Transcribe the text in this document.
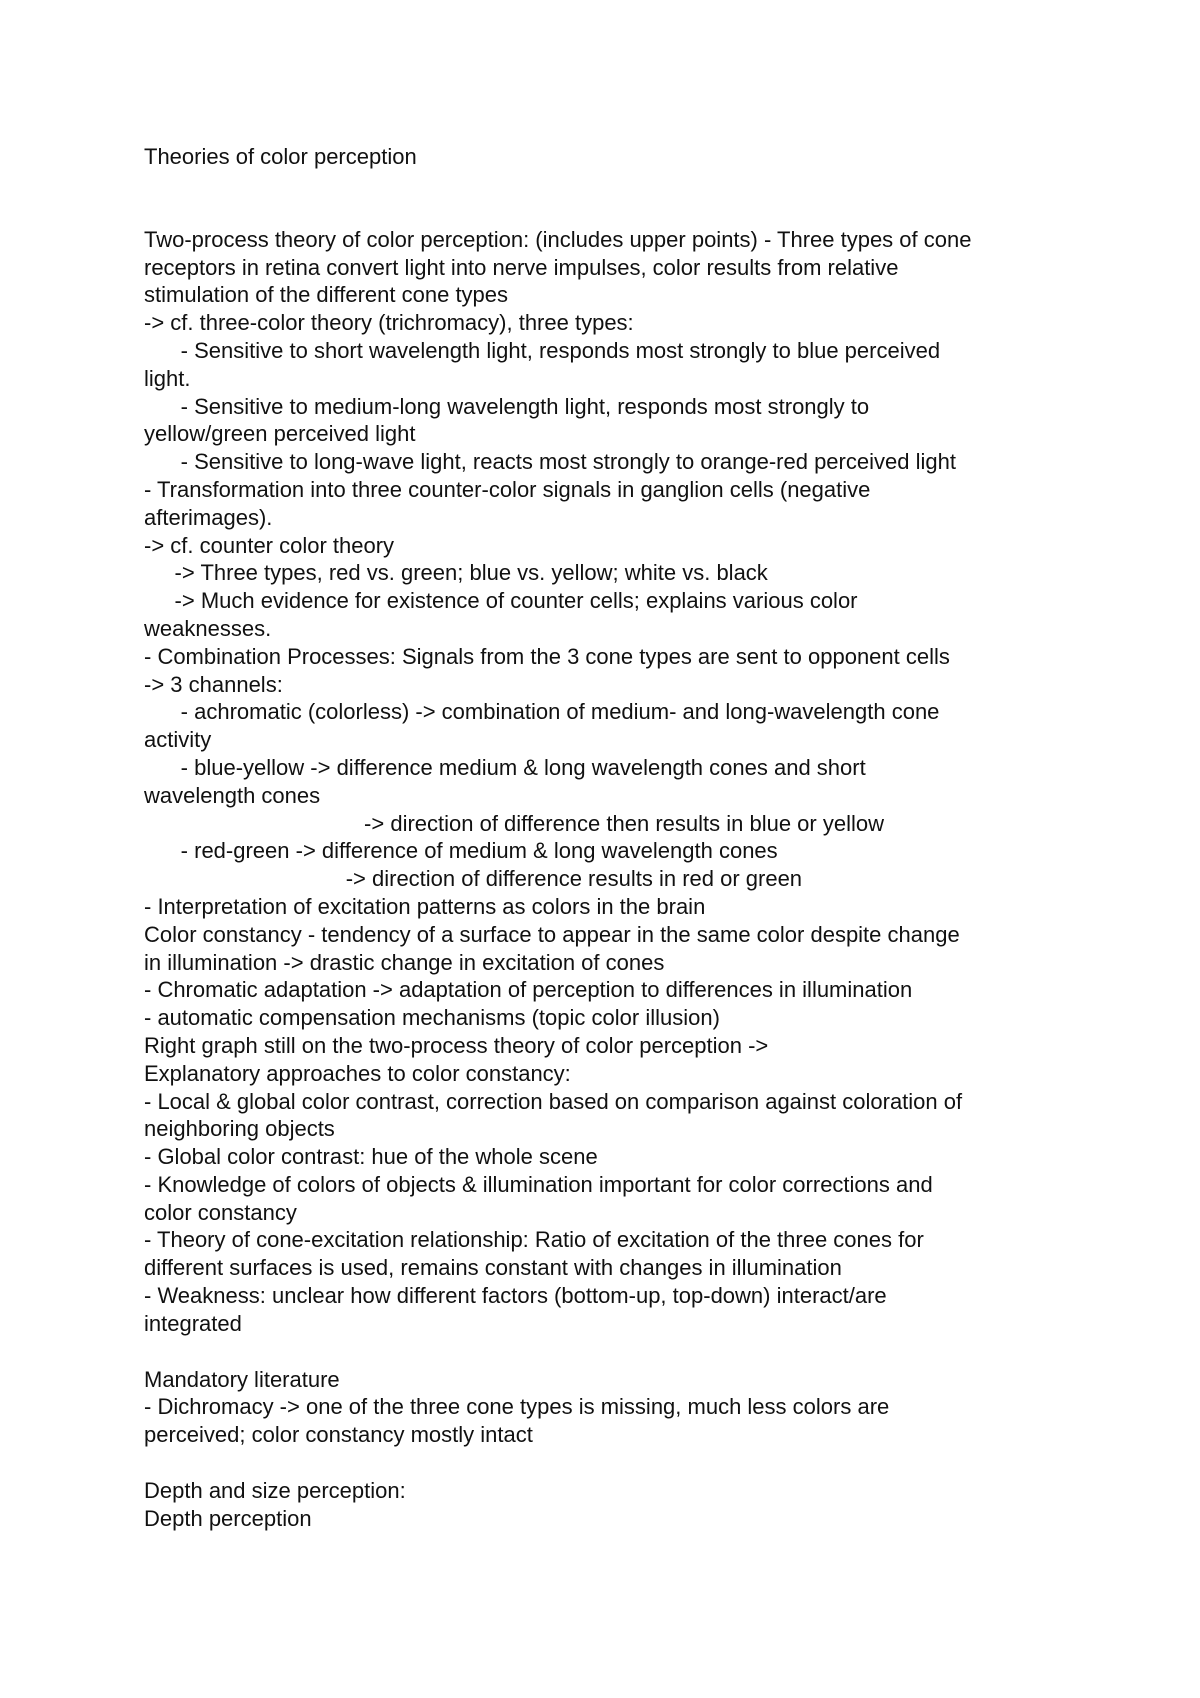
Theories of color perception
Two-process theory of color perception: (includes upper points) - Three types of cone
receptors in retina convert light into nerve impulses, color results from relative
stimulation of the different cone types
-> cf. three-color theory (trichromacy), three types:
- Sensitive to short wavelength light, responds most strongly to blue perceived
light.
- Sensitive to medium-long wavelength light, responds most strongly to
yellow/green perceived light
- Sensitive to long-wave light, reacts most strongly to orange-red perceived light
- Transformation into three counter-color signals in ganglion cells (negative
afterimages).
-> cf. counter color theory
-> Three types, red vs. green; blue vs. yellow; white vs. black
-> Much evidence for existence of counter cells; explains various color
weaknesses.
- Combination Processes: Signals from the 3 cone types are sent to opponent cells
-> 3 channels:
- achromatic (colorless) -> combination of medium- and long-wavelength cone
activity
- blue-yellow -> difference medium & long wavelength cones and short
wavelength cones
-> direction of difference then results in blue or yellow
- red-green -> difference of medium & long wavelength cones
-> direction of difference results in red or green
- Interpretation of excitation patterns as colors in the brain
Color constancy - tendency of a surface to appear in the same color despite change
in illumination -> drastic change in excitation of cones
- Chromatic adaptation -> adaptation of perception to differences in illumination
- automatic compensation mechanisms (topic color illusion)
Right graph still on the two-process theory of color perception ->
Explanatory approaches to color constancy:
- Local & global color contrast, correction based on comparison against coloration of
neighboring objects
- Global color contrast: hue of the whole scene
- Knowledge of colors of objects & illumination important for color corrections and
color constancy
- Theory of cone-excitation relationship: Ratio of excitation of the three cones for
different surfaces is used, remains constant with changes in illumination
- Weakness: unclear how different factors (bottom-up, top-down) interact/are
integrated
Mandatory literature
- Dichromacy -> one of the three cone types is missing, much less colors are
perceived; color constancy mostly intact
Depth and size perception:
Depth perception
